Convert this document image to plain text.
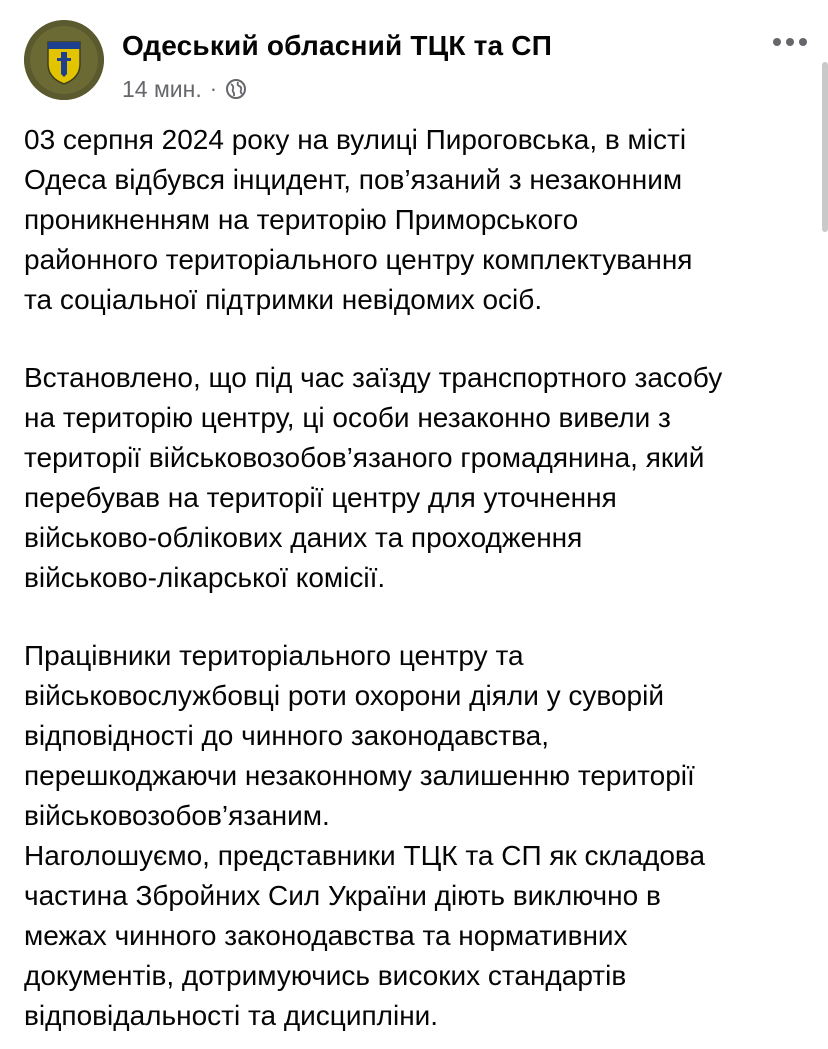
Одеський обласний ТЦК та СП
14 мин. ·
03 серпня 2024 року на вулиці Пироговська, в місті
Одеса відбувся інцидент, пов’язаний з незаконним
проникненням на територію Приморського
районного територіального центру комплектування
та соціальної підтримки невідомих осіб.
Встановлено, що під час заїзду транспортного засобу
на територію центру, ці особи незаконно вивели з
території військовозобов’язаного громадянина, який
перебував на території центру для уточнення
військово-облікових даних та проходження
військово-лікарської комісії.
Працівники територіального центру та
військовослужбовці роти охорони діяли у суворій
відповідності до чинного законодавства,
перешкоджаючи незаконному залишенню території
військовозобов’язаним.
Наголошуємо, представники ТЦК та СП як складова
частина Збройних Сил України діють виключно в
межах чинного законодавства та нормативних
документів, дотримуючись високих стандартів
відповідальності та дисципліни.
